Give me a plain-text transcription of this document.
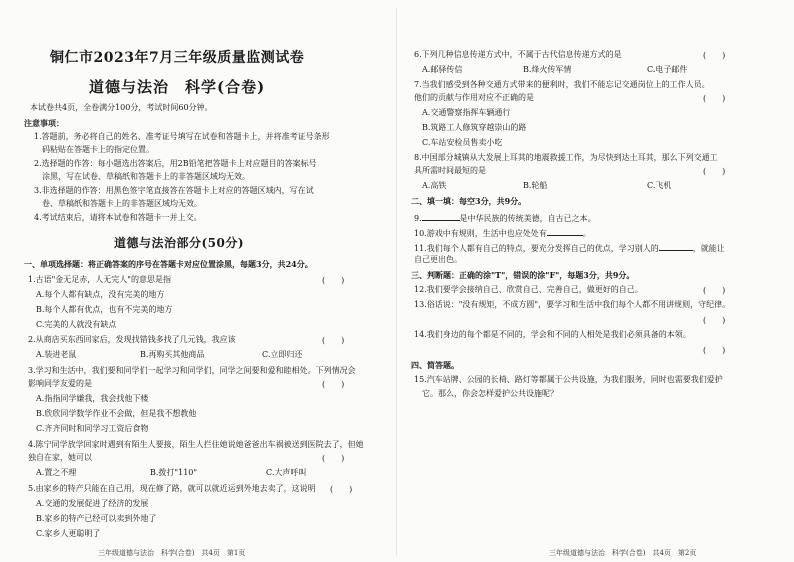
铜仁市2023年7月三年级质量监测试卷
道德与法治　科学(合卷)
本试卷共4页，全卷满分100分，考试时间60分钟。
注意事项：
1.答题前，务必将自己的姓名、准考证号填写在试卷和答题卡上，并将准考证号条形
码粘贴在答题卡上的指定位置。
2.选择题的作答：每小题选出答案后，用2B铅笔把答题卡上对应题目的答案标号
涂黑，写在试卷、草稿纸和答题卡上的非答题区域均无效。
3.非选择题的作答：用黑色签字笔直接答在答题卡上对应的答题区域内，写在试
卷、草稿纸和答题卡上的非答题区域均无效。
4.考试结束后，请将本试卷和答题卡一并上交。
道德与法治部分(50分)
一、单项选择题：将正确答案的序号在答题卡对应位置涂黑，每题3分，共24分。
1.古语"金无足赤，人无完人"的意思是指	(　　)
A.每个人都有缺点，没有完美的地方
B.每个人都有优点，也有不完美的地方
C.完美的人就没有缺点
2.从商店买东西回家后，发现找错钱多找了几元钱，我应该	(　　)
A.装进老鼠	B.再购买其他商品	C.立即归还
3.学习和生活中，我们要和同学们一起学习和同学们，同学之间要和爱和睦相处。下列情况会
影响同学友爱的是	(　　)
A.指指同学嫌我，我会找他下楼
B.欣欣同学数学作业不会做，但是我不想教他
C.齐齐同时和同学习工资后食物
4.陈宁同学放学回家时遇到有陌生人要接，陌生人拦住她说她爸爸出车祸被送到医院去了，但她
独自在家，她可以	(　　)
A.置之不理	B.拨打"110"	C.大声呼叫
5.由家乡的特产只能在自己用，现在修了路，就可以就近运到外地去卖了，这说明 (　　)
A.交通的发展促进了经济的发展
B.家乡的特产已经可以卖到外地了
C.家乡人更聪明了
三年级道德与法治　科学(合卷)　共4页　第1页
6.下列几种信息传递方式中，不属于古代信息传递方式的是	(　　)
A.邮驿传信	B.烽火传军情	C.电子邮件
7.当我们感受到各种交通方式带来的便利时，我们不能忘记交通岗位上的工作人员。
他们的贡献与作用对应不正确的是	(　　)
A.交通警察指挥车辆通行
B.筑路工人修筑穿越崇山的路
C.车站安检员售卖小吃
8.中国部分城镇从大发展上耳其的地震救援工作，为尽快到达土耳其，那么下列交通工
具所需时间最短的是	(　　)
A.高铁	B.轮船	C.飞机
二、填一填：每空3分，共9分。
9.	是中华民族的传统美德，自古已之本。
10.游戏中有规则，生活中也应处处有	。
11.我们每个人都有自己的特点，要充分发挥自己的优点，学习别人的	，就能让
自己更出色。
三、判断题：正确的涂"T"，错误的涂"F"，每题3分，共9分。
12.我们要学会接纳自己、欣赏自己、完善自己，做更好的自己。	(　　)
13.俗话说："没有规矩，不成方圆"，要学习和生活中我们每个人都不用讲规则，守纪律。
(　　)
14.我们身边的每个都是不同的，学会和不同的人相处是我们必须具备的本领。
(　　)
四、简答题。
15.汽车站牌、公园的长椅、路灯等都属于公共设施，为我们服务，同时也需要我们爱护
它。那么，你会怎样爱护公共设施呢？
三年级道德与法治　科学(合卷)　共4页　第2页
